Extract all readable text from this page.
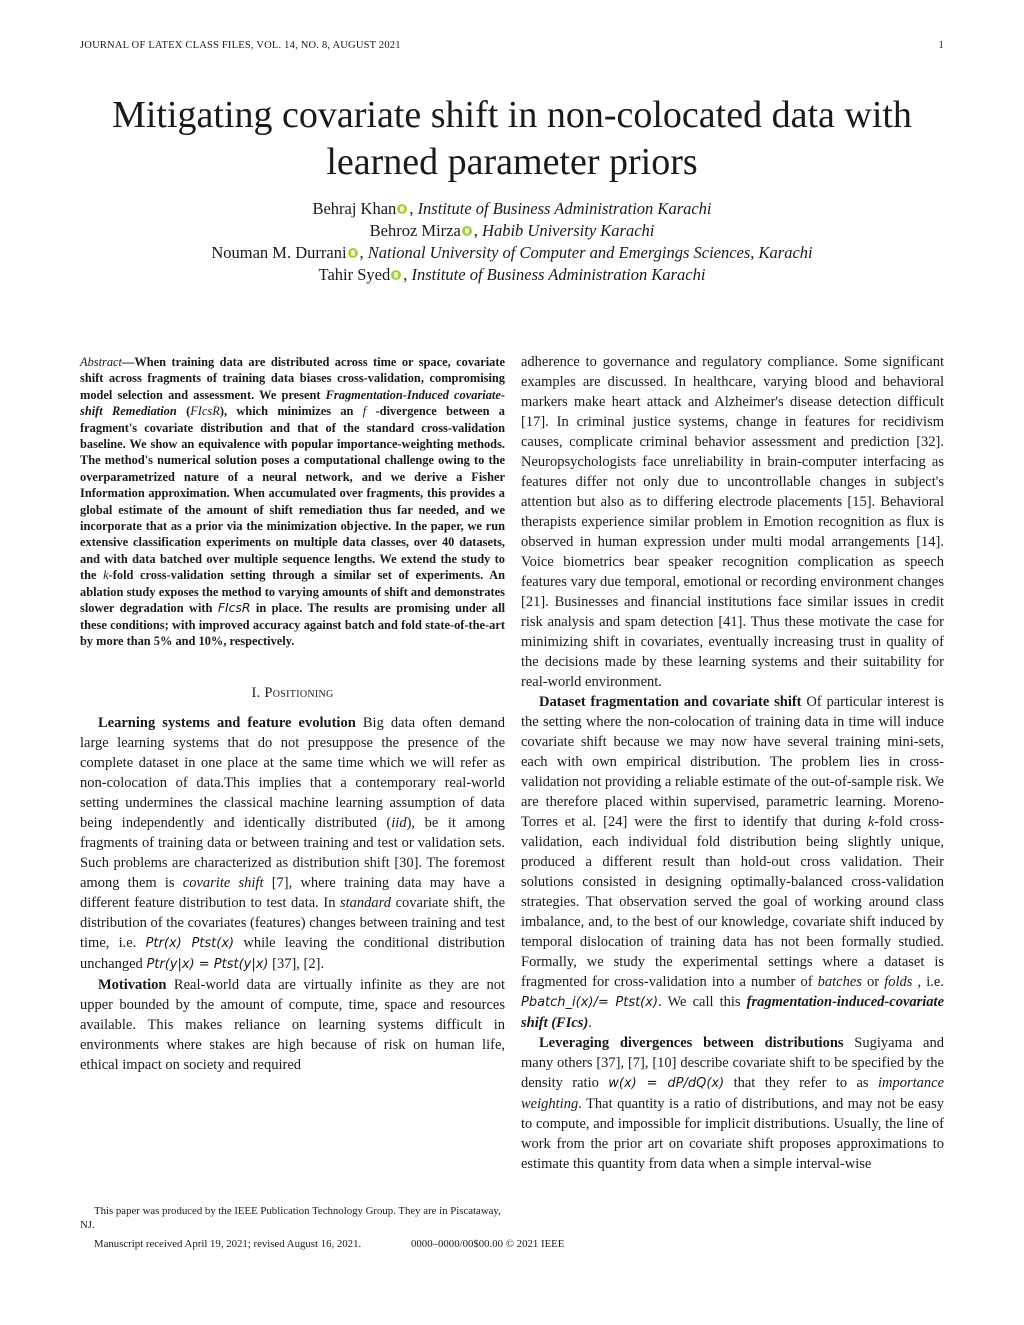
JOURNAL OF LATEX CLASS FILES, VOL. 14, NO. 8, AUGUST 2021	1
Mitigating covariate shift in non-colocated data with learned parameter priors
Behraj Khan , Institute of Business Administration Karachi
Behroz Mirza , Habib University Karachi
Nouman M. Durrani , National University of Computer and Emergings Sciences, Karachi
Tahir Syed , Institute of Business Administration Karachi
Abstract—When training data are distributed across time or space, covariate shift across fragments of training data biases cross-validation, compromising model selection and assessment. We present Fragmentation-Induced covariate-shift Remediation (FIcsR), which minimizes an f -divergence between a fragment's covariate distribution and that of the standard cross-validation baseline. We show an equivalence with popular importance-weighting methods. The method's numerical solution poses a computational challenge owing to the overparametrized nature of a neural network, and we derive a Fisher Information approximation. When accumulated over fragments, this provides a global estimate of the amount of shift remediation thus far needed, and we incorporate that as a prior via the minimization objective. In the paper, we run extensive classification experiments on multiple data classes, over 40 datasets, and with data batched over multiple sequence lengths. We extend the study to the k-fold cross-validation setting through a similar set of experiments. An ablation study exposes the method to varying amounts of shift and demonstrates slower degradation with FIcsR in place. The results are promising under all these conditions; with improved accuracy against batch and fold state-of-the-art by more than 5% and 10%, respectively.
I. Positioning

Learning systems and feature evolution Big data often demand large learning systems that do not presuppose the presence of the complete dataset in one place at the same time which we will refer as non-colocation of data.This implies that a contemporary real-world setting undermines the classical machine learning assumption of data being independently and identically distributed (iid), be it among fragments of training data or between training and test or validation sets. Such problems are characterized as distribution shift [30]. The foremost among them is covarite shift [7], where training data may have a different feature distribution to test data. In standard covariate shift, the distribution of the covariates (features) changes between training and test time, i.e. Ptr(x) Ptst(x) while leaving the conditional distribution unchanged Ptr(y|x) = Ptst(y|x) [37], [2].

Motivation Real-world data are virtually infinite as they are not upper bounded by the amount of compute, time, space and resources available. This makes reliance on learning systems difficult in environments where stakes are high because of risk on human life, ethical impact on society and required

adherence to governance and regulatory compliance. Some significant examples are discussed. In healthcare, varying blood and behavioral markers make heart attack and Alzheimer's disease detection difficult [17]. In criminal justice systems, change in features for recidivism causes, complicate criminal behavior assessment and prediction [32]. Neuropsychologists face unreliability in brain-computer interfacing as features differ not only due to uncontrollable changes in subject's attention but also as to differing electrode placements [15]. Behavioral therapists experience similar problem in Emotion recognition as flux is observed in human expression under multi modal arrangements [14]. Voice biometrics bear speaker recognition complication as speech features vary due temporal, emotional or recording environment changes [21]. Businesses and financial institutions face similar issues in credit risk analysis and spam detection [41]. Thus these motivate the case for minimizing shift in covariates, eventually increasing trust in quality of the decisions made by these learning systems and their suitability for real-world environment.

Dataset fragmentation and covariate shift Of particular interest is the setting where the non-colocation of training data in time will induce covariate shift because we may now have several training mini-sets, each with own empirical distribution. The problem lies in cross-validation not providing a reliable estimate of the out-of-sample risk. We are therefore placed within supervised, parametric learning. Moreno-Torres et al. [24] were the first to identify that during k-fold cross-validation, each individual fold distribution being slightly unique, produced a different result than hold-out cross validation. Their solutions consisted in designing optimally-balanced cross-validation strategies. That observation served the goal of working around class imbalance, and, to the best of our knowledge, covariate shift induced by temporal dislocation of training data has not been formally studied. Formally, we study the experimental settings where a dataset is fragmented for cross-validation into a number of batches or folds , i.e. Pbatch_i(x)/= Ptst(x). We call this fragmentation-induced-covariate shift (FIcs).

Leveraging divergences between distributions Sugiyama and many others [37], [7], [10] describe covariate shift to be specified by the density ratio w(x) = dP/dQ(x) that they refer to as importance weighting. That quantity is a ratio of distributions, and may not be easy to compute, and impossible for implicit distributions. Usually, the line of work from the prior art on covariate shift proposes approximations to estimate this quantity from data when a simple interval-wise

This paper was produced by the IEEE Publication Technology Group. They are in Piscataway, NJ.

Manuscript received April 19, 2021; revised August 16, 2021.	0000–0000/00$00.00 © 2021 IEEE
